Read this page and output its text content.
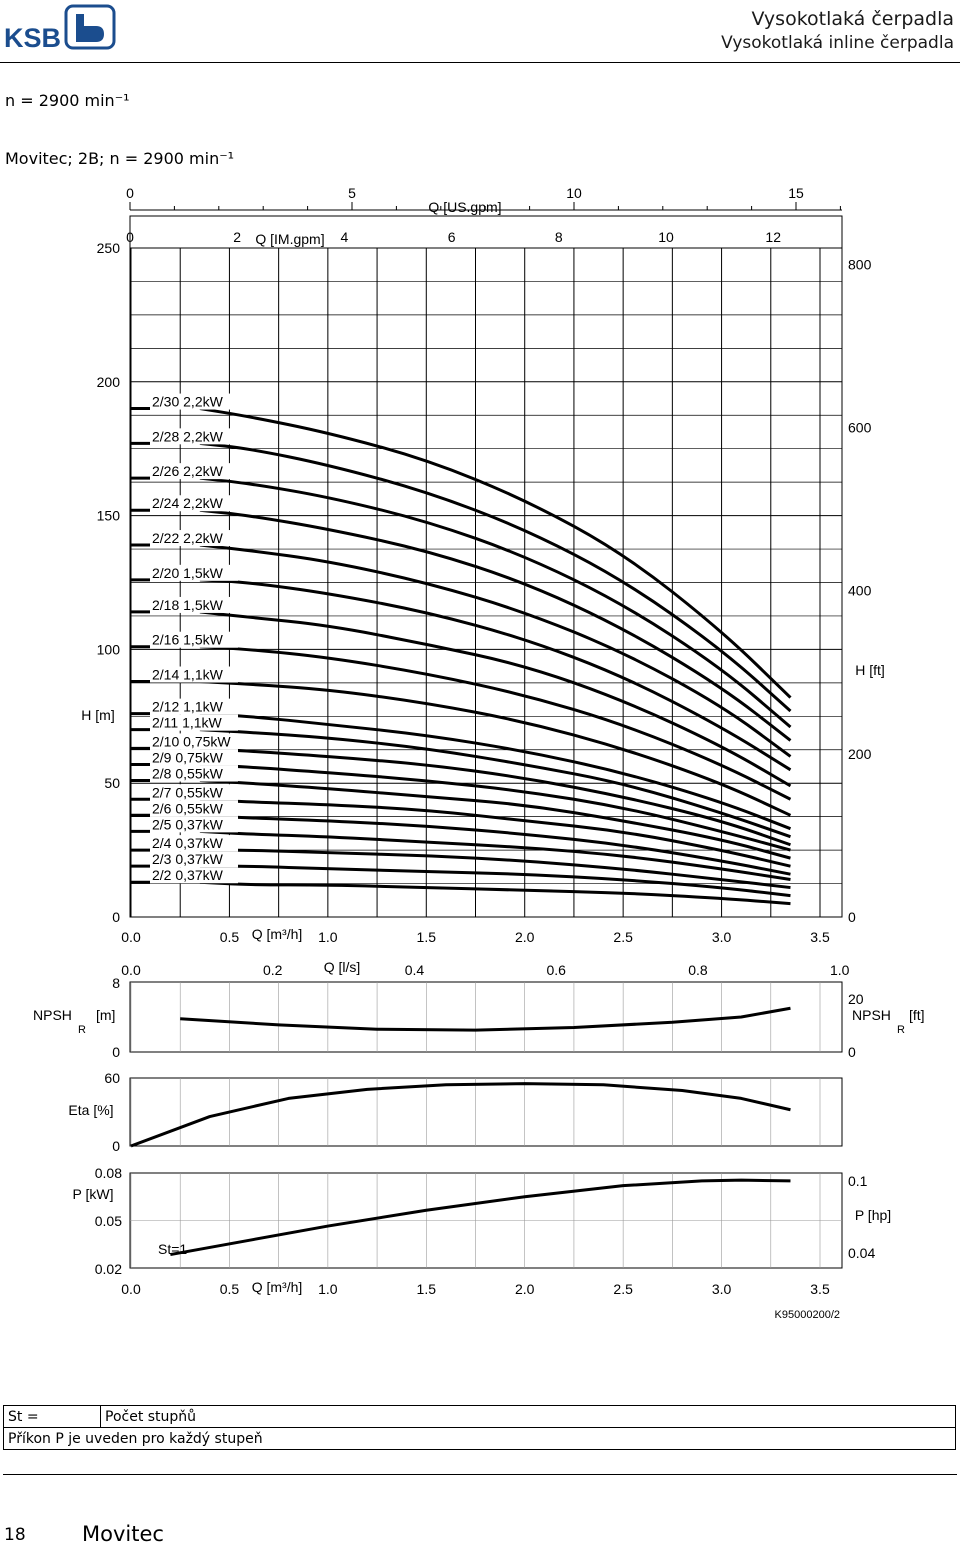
KSB
Vysokotlaká čerpadla
Vysokotlaká inline čerpadla
n = 2900 min⁻¹
Movitec; 2B; n = 2900 min⁻¹
2/30 2,2kW
2/28 2,2kW
2/26 2,2kW
2/24 2,2kW
2/22 2,2kW
2/20 1,5kW
2/18 1,5kW
2/16 1,5kW
2/14 1,1kW
2/12 1,1kW
2/11 1,1kW
2/10 0,75kW
2/9 0,75kW
2/8 0,55kW
2/7 0,55kW
2/6 0,55kW
2/5 0,37kW
2/4 0,37kW
2/3 0,37kW
2/2 0,37kW
0	5	10	15
Q [US.gpm]
0	2	4	6	8	10	12
Q [IM.gpm]
0
50
100
150
200
250
0
200
400
600
800
H [m]
H [ft]
0.0	0.5	1.0	1.5	2.0	2.5	3.0	3.5
Q [m³/h]
0.0	0.2	0.4	0.6	0.8	1.0
Q [l/s]
8
0
NPSH
R
[m]
20
0
NPSH
R
[ft]
60
0
Eta [%]
0.08
0.05
0.02
P [kW]
0.1
0.04
P [hp]
St=1
0.0	0.5	1.0	1.5	2.0	2.5	3.0	3.5
Q [m³/h]
K95000200/2
St =	Počet stupňů
Příkon P je uveden pro každý stupeň
18	Movitec
